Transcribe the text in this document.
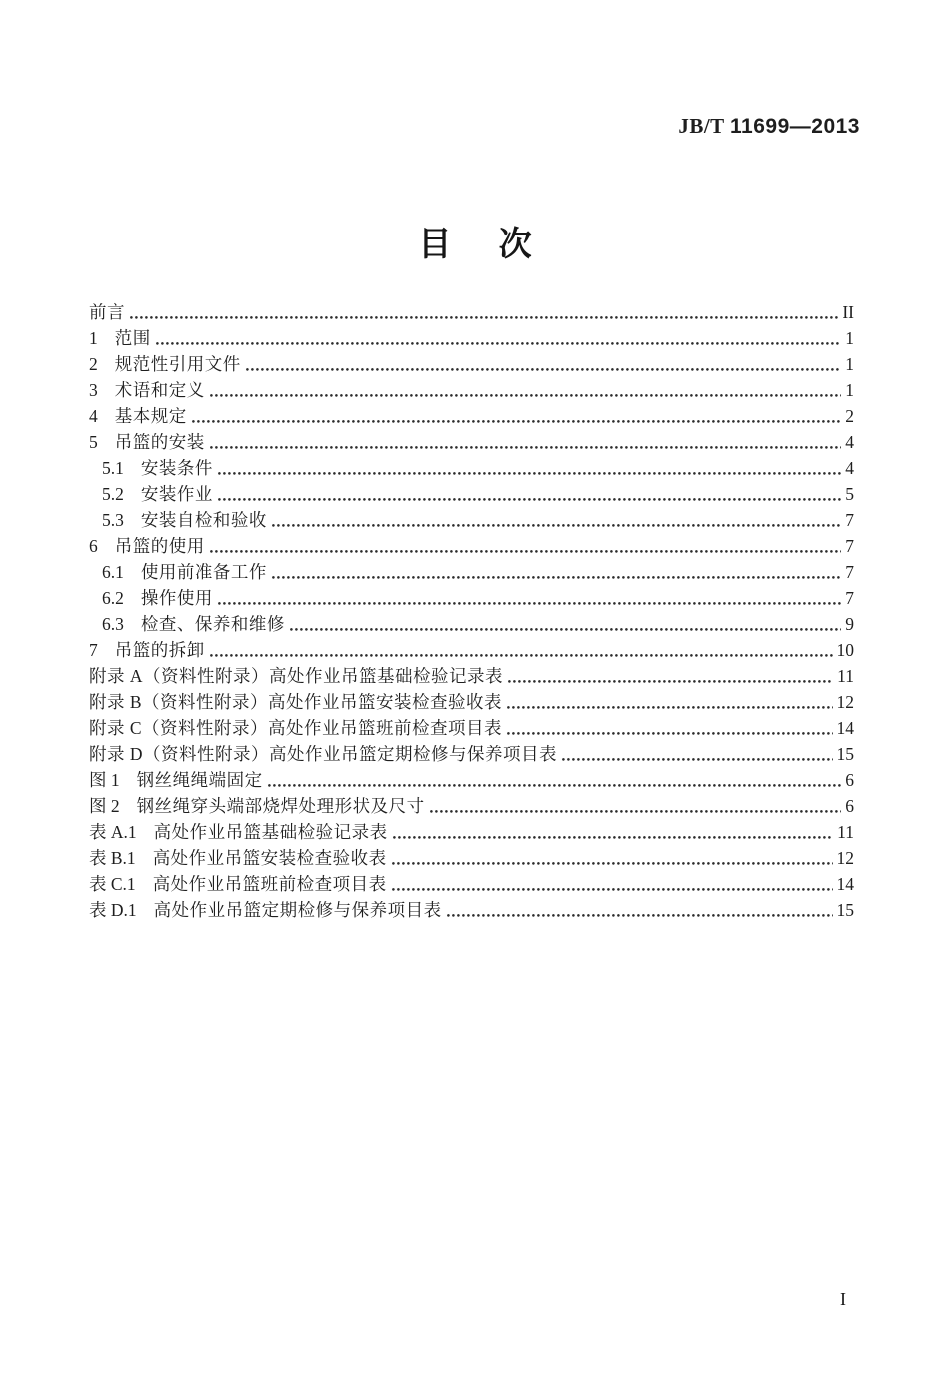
JB/T 11699—2013
目 次
前言	II
1 范围	1
2 规范性引用文件	1
3 术语和定义	1
4 基本规定	2
5 吊篮的安装	4
5.1 安装条件	4
5.2 安装作业	5
5.3 安装自检和验收	7
6 吊篮的使用	7
6.1 使用前准备工作	7
6.2 操作使用	7
6.3 检查、保养和维修	9
7 吊篮的拆卸	10
附录 A（资料性附录）高处作业吊篮基础检验记录表	11
附录 B（资料性附录）高处作业吊篮安装检查验收表	12
附录 C（资料性附录）高处作业吊篮班前检查项目表	14
附录 D（资料性附录）高处作业吊篮定期检修与保养项目表	15
图 1 钢丝绳绳端固定	6
图 2 钢丝绳穿头端部烧焊处理形状及尺寸	6
表 A.1 高处作业吊篮基础检验记录表	11
表 B.1 高处作业吊篮安装检查验收表	12
表 C.1 高处作业吊篮班前检查项目表	14
表 D.1 高处作业吊篮定期检修与保养项目表	15
I
